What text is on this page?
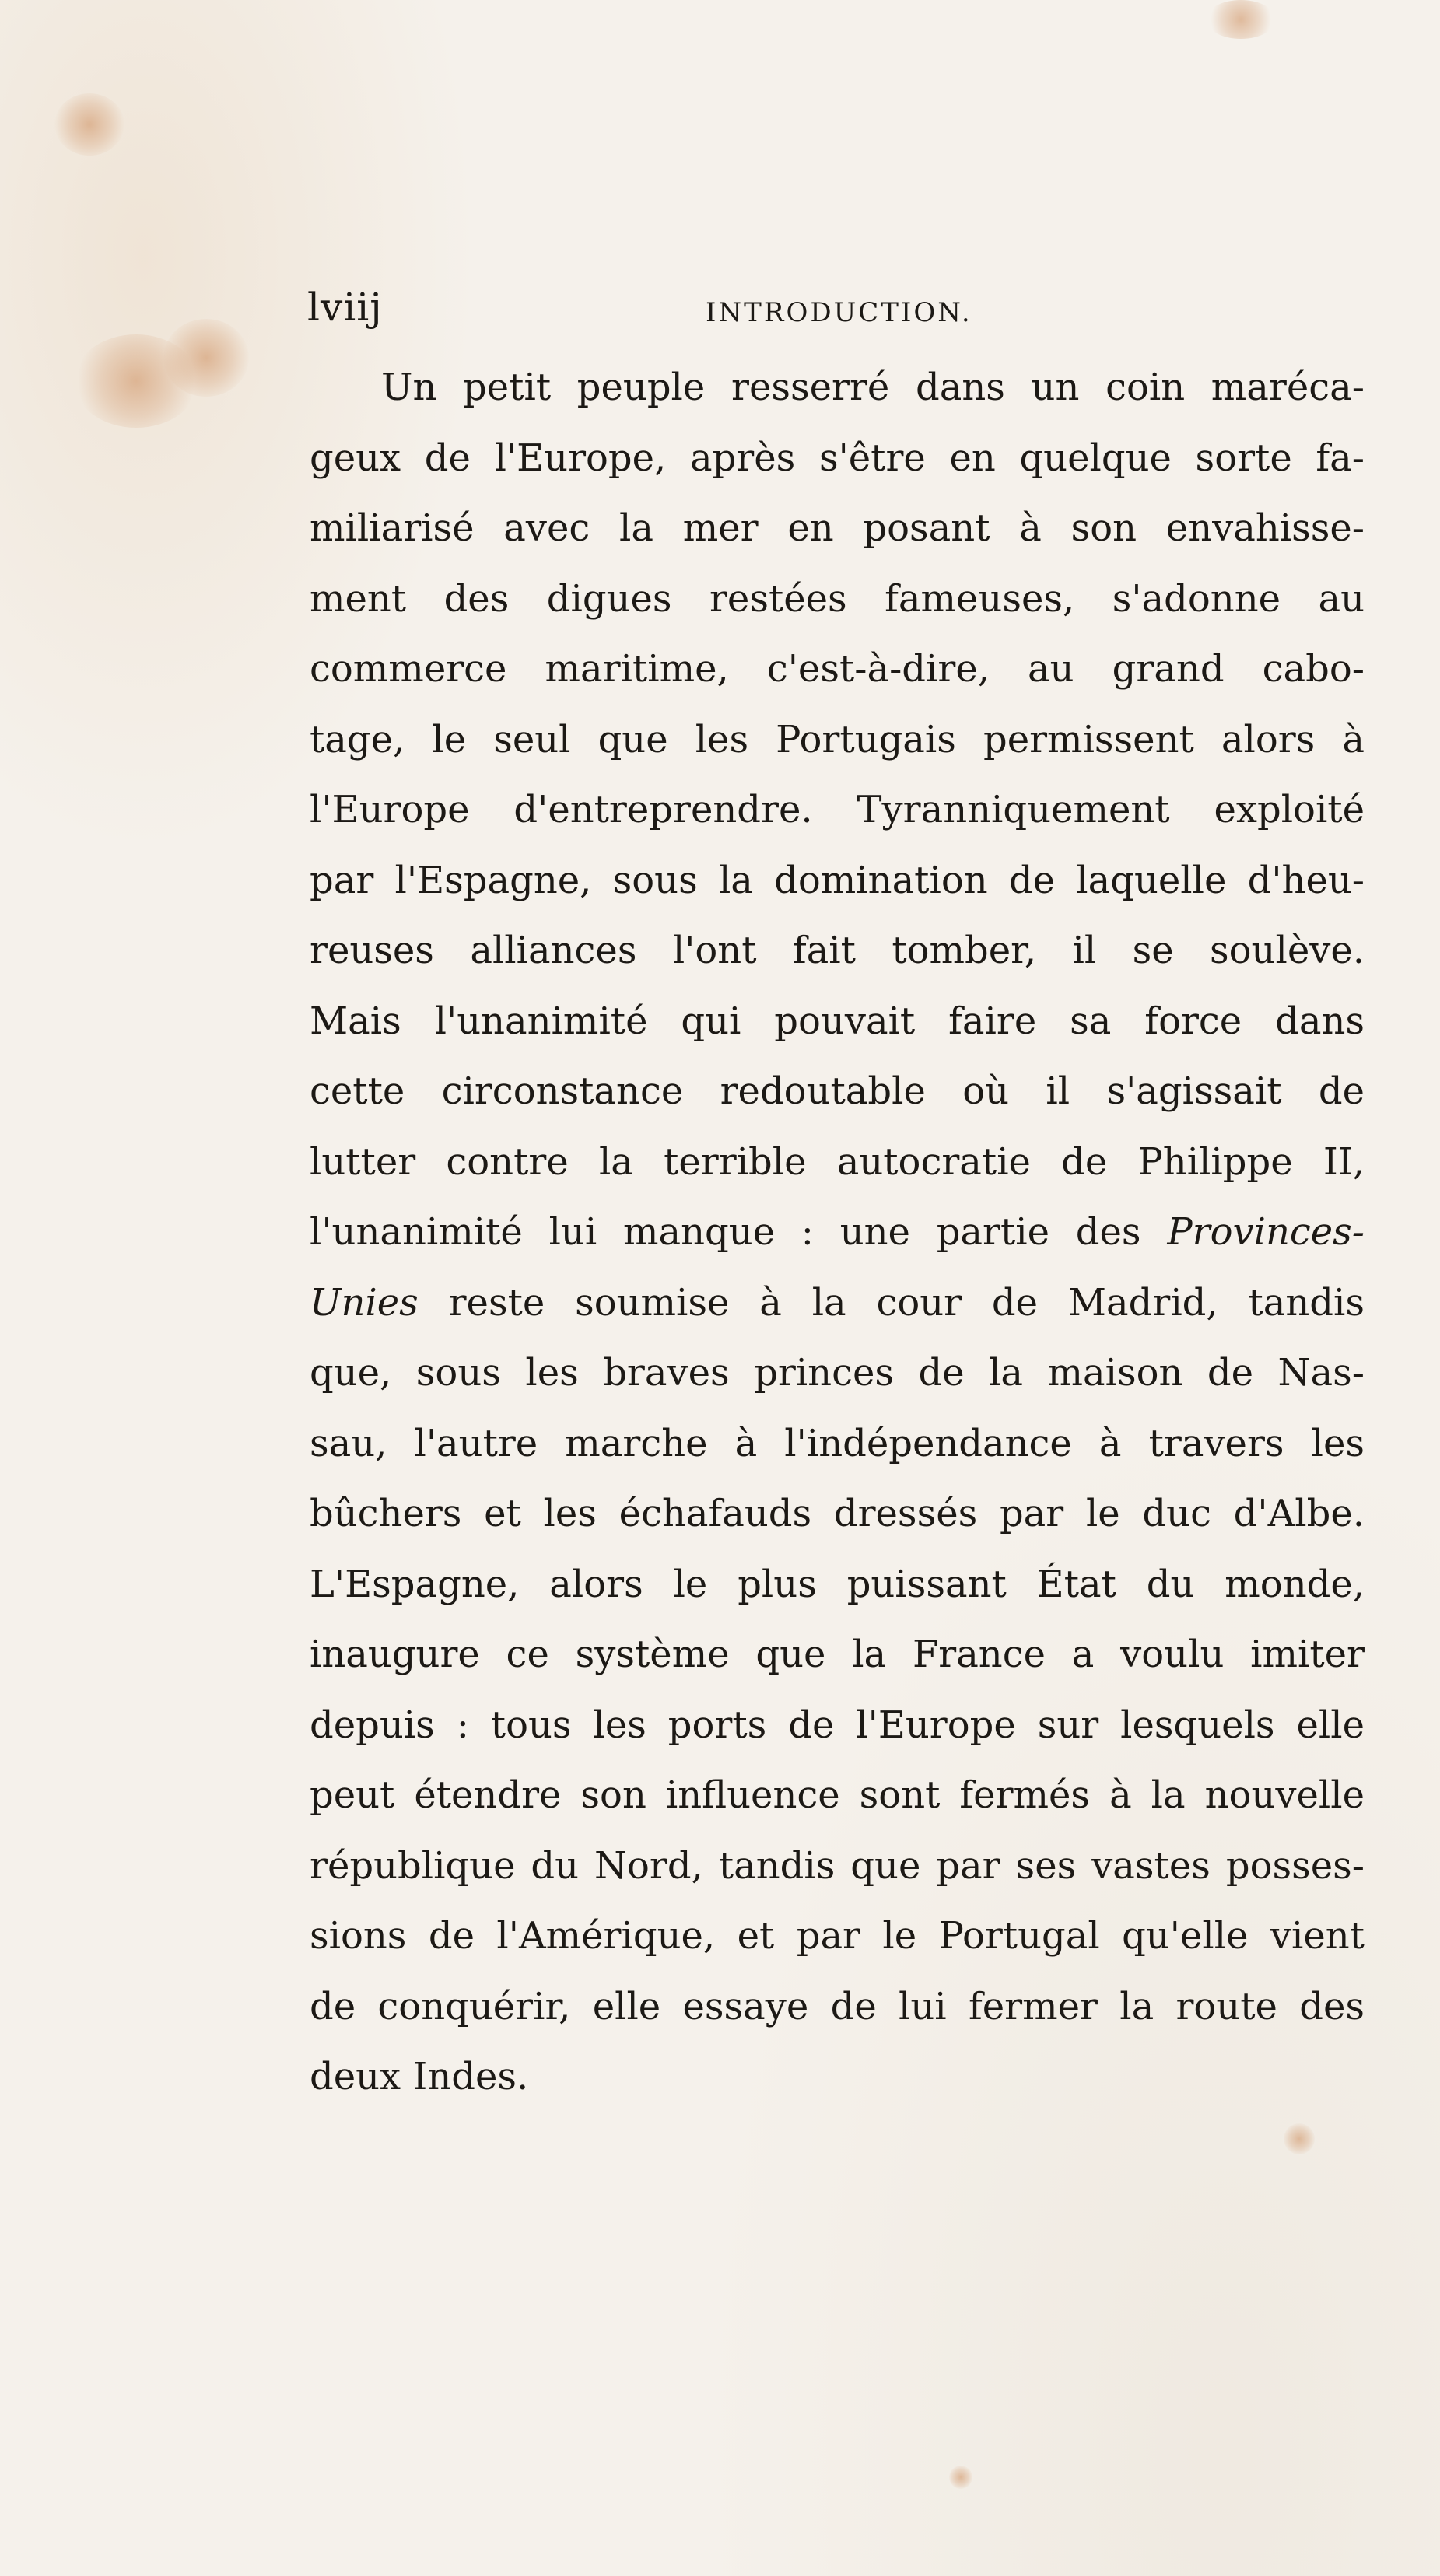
lviij	INTRODUCTION.
Un petit peuple resserré dans un coin maréca-
geux de l'Europe, après s'être en quelque sorte fa-
miliarisé avec la mer en posant à son envahisse-
ment des digues restées fameuses, s'adonne au
commerce maritime, c'est-à-dire, au grand cabo-
tage, le seul que les Portugais permissent alors à
l'Europe d'entreprendre. Tyranniquement exploité
par l'Espagne, sous la domination de laquelle d'heu-
reuses alliances l'ont fait tomber, il se soulève.
Mais l'unanimité qui pouvait faire sa force dans
cette circonstance redoutable où il s'agissait de
lutter contre la terrible autocratie de Philippe II,
l'unanimité lui manque : une partie des Provinces-
Unies reste soumise à la cour de Madrid, tandis
que, sous les braves princes de la maison de Nas-
sau, l'autre marche à l'indépendance à travers les
bûchers et les échafauds dressés par le duc d'Albe.
L'Espagne, alors le plus puissant État du monde,
inaugure ce système que la France a voulu imiter
depuis : tous les ports de l'Europe sur lesquels elle
peut étendre son influence sont fermés à la nouvelle
république du Nord, tandis que par ses vastes posses-
sions de l'Amérique, et par le Portugal qu'elle vient
de conquérir, elle essaye de lui fermer la route des
deux Indes.
